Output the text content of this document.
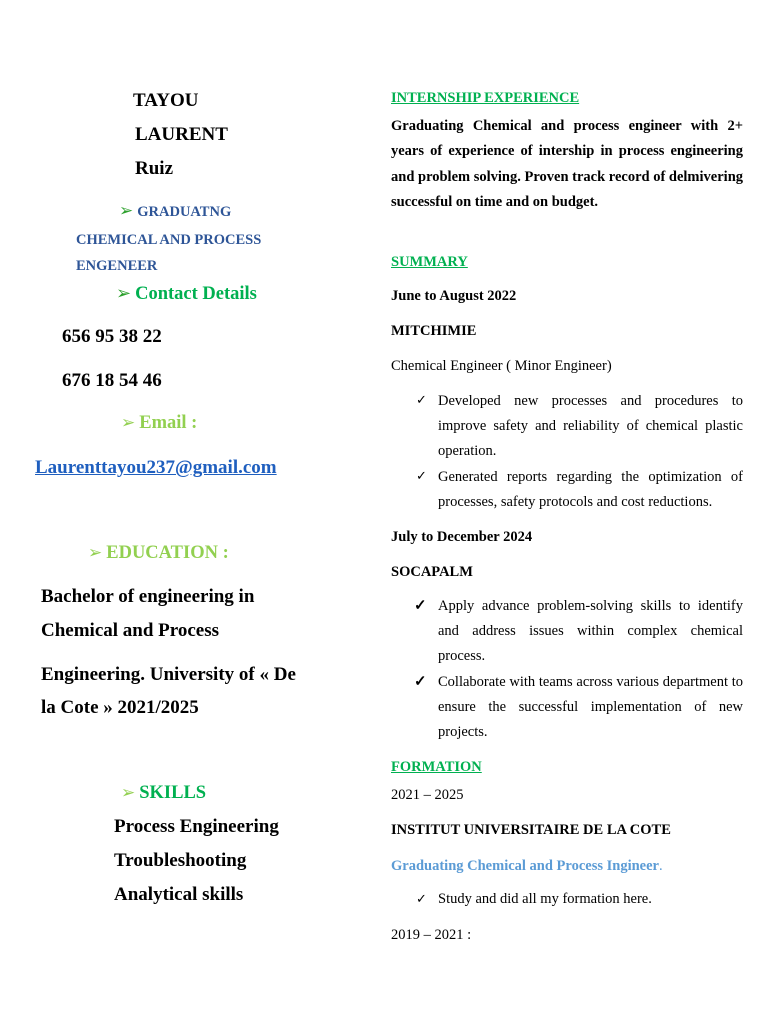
TAYOU
LAURENT
Ruiz
➢ GRADUATNG
CHEMICAL AND PROCESS
ENGENEER
➢ Contact Details
656 95 38 22
676 18 54 46
➢ Email :
Laurenttayou237@gmail.com
➢ EDUCATION :
Bachelor of engineering in
Chemical and Process
Engineering. University of « De
la Cote » 2021/2025
➢ SKILLS
Process Engineering
Troubleshooting
Analytical skills
INTERNSHIP EXPERIENCE
Graduating Chemical and process engineer with 2+ years of experience of intership in process engineering and problem solving. Proven track record of delmivering successful on time and on budget.
SUMMARY
June to August 2022
MITCHIMIE
Chemical Engineer ( Minor Engineer)
✓ Developed new processes and procedures to improve safety and reliability of chemical plastic operation.
✓ Generated reports regarding the optimization of processes, safety protocols and cost reductions.
July to December 2024
SOCAPALM
✓ Apply advance problem-solving skills to identify and address issues within complex chemical process.
✓ Collaborate with teams across various department to ensure the successful implementation of new projects.
FORMATION
2021 – 2025
INSTITUT UNIVERSITAIRE DE LA COTE
Graduating Chemical and Process Ingineer.
✓ Study and did all my formation here.
2019 – 2021 :
